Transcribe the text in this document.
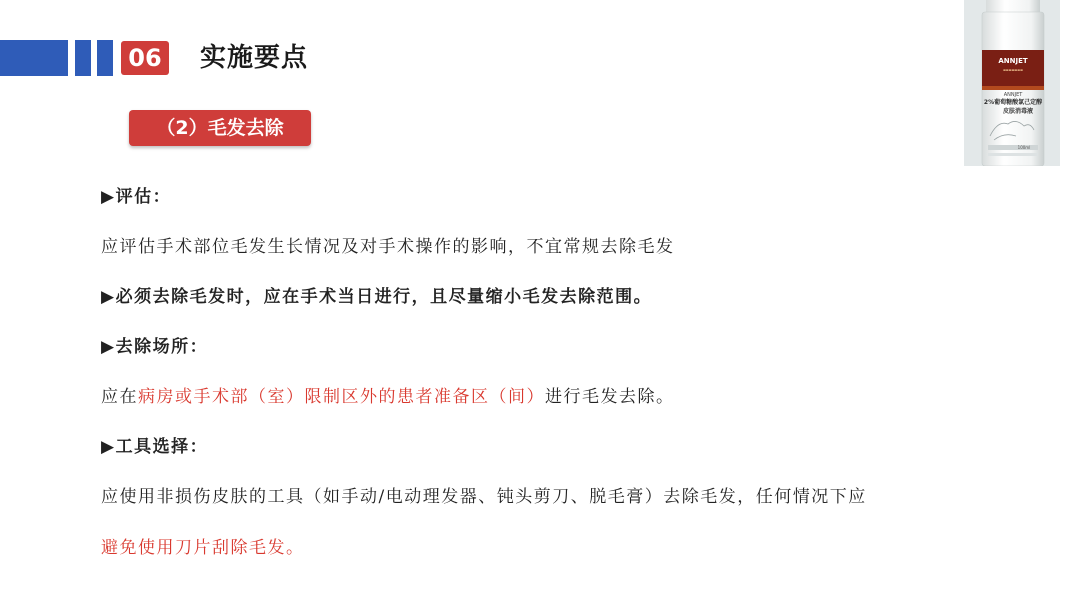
06 实施要点
（2）毛发去除
ANNJET
▬▬▬▬▬▬▬
ANNJET
2%葡萄糖酸氯己定醇
皮肤消毒液
100ml
▶评估：
应评估手术部位毛发生长情况及对手术操作的影响，不宜常规去除毛发
▶必须去除毛发时，应在手术当日进行，且尽量缩小毛发去除范围。
▶去除场所：
应在病房或手术部（室）限制区外的患者准备区（间）进行毛发去除。
▶工具选择：
应使用非损伤皮肤的工具（如手动/电动理发器、钝头剪刀、脱毛膏）去除毛发，任何情况下应
避免使用刀片刮除毛发。
